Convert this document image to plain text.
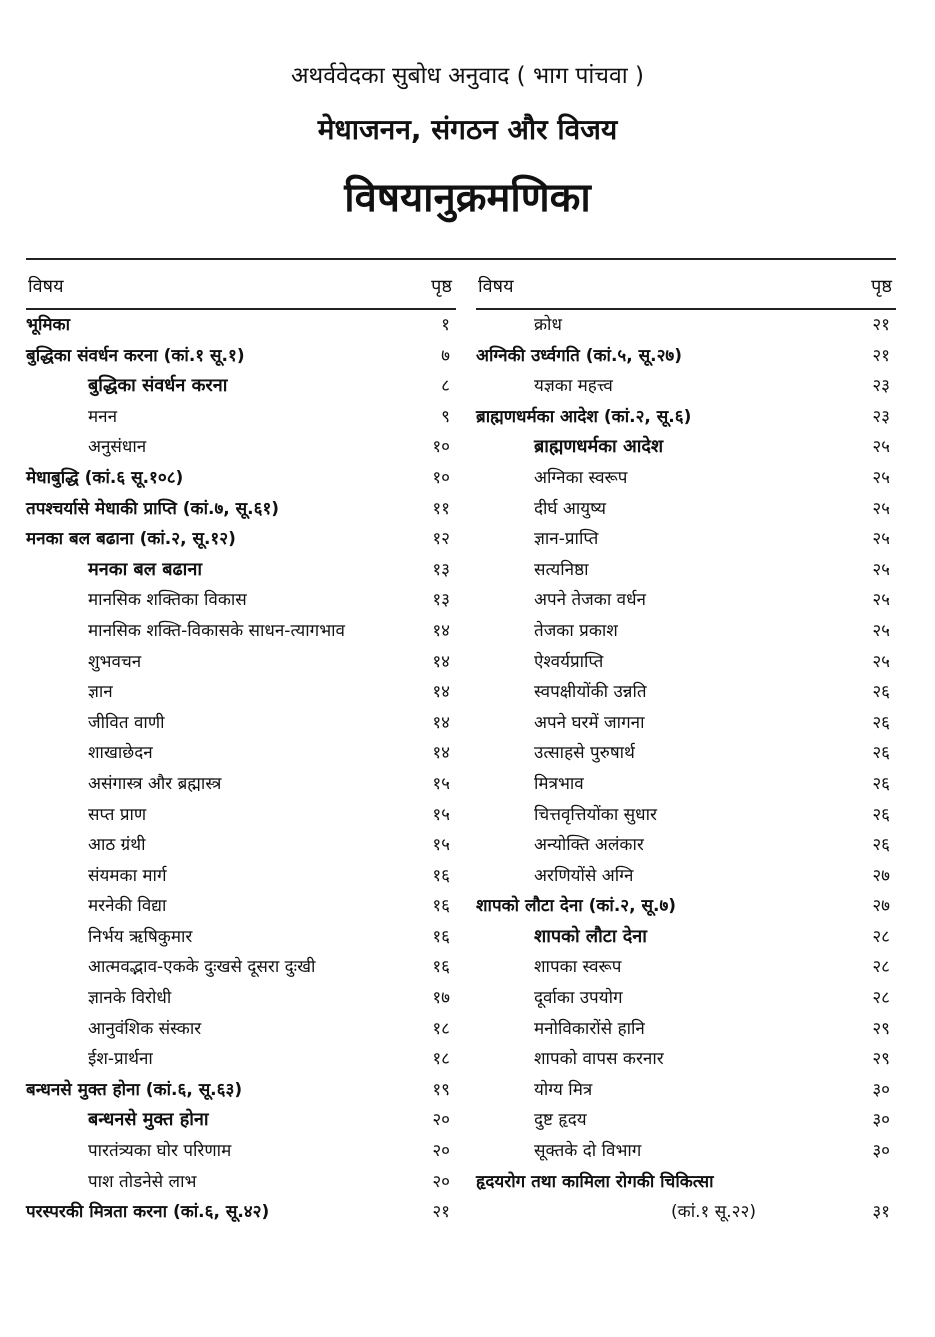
अथर्ववेदका सुबोध अनुवाद ( भाग पांचवा )
मेधाजनन, संगठन और विजय
विषयानुक्रमणिका
विषय	पृष्ठ
भूमिका	१
बुद्धिका संवर्धन करना (कां.१ सू.१)	७
बुद्धिका संवर्धन करना	८
मनन	९
अनुसंधान	१०
मेधाबुद्धि (कां.६ सू.१०८)	१०
तपश्चर्यासे मेधाकी प्राप्ति (कां.७, सू.६१)	११
मनका बल बढाना (कां.२, सू.१२)	१२
मनका बल बढाना	१३
मानसिक शक्तिका विकास	१३
मानसिक शक्ति-विकासके साधन-त्यागभाव	१४
शुभवचन	१४
ज्ञान	१४
जीवित वाणी	१४
शाखाछेदन	१४
असंगास्त्र और ब्रह्मास्त्र	१५
सप्त प्राण	१५
आठ ग्रंथी	१५
संयमका मार्ग	१६
मरनेकी विद्या	१६
निर्भय ऋषिकुमार	१६
आत्मवद्भाव-एकके दुःखसे दूसरा दुःखी	१६
ज्ञानके विरोधी	१७
आनुवंशिक संस्कार	१८
ईश-प्रार्थना	१८
बन्धनसे मुक्त होना (कां.६, सू.६३)	१९
बन्धनसे मुक्त होना	२०
पारतंत्र्यका घोर परिणाम	२०
पाश तोडनेसे लाभ	२०
परस्परकी मित्रता करना (कां.६, सू.४२)	२१
विषय	पृष्ठ
क्रोध	२१
अग्निकी उर्ध्वगति (कां.५, सू.२७)	२१
यज्ञका महत्त्व	२३
ब्राह्मणधर्मका आदेश (कां.२, सू.६)	२३
ब्राह्मणधर्मका आदेश	२५
अग्निका स्वरूप	२५
दीर्घ आयुष्य	२५
ज्ञान-प्राप्ति	२५
सत्यनिष्ठा	२५
अपने तेजका वर्धन	२५
तेजका प्रकाश	२५
ऐश्वर्यप्राप्ति	२५
स्वपक्षीयोंकी उन्नति	२६
अपने घरमें जागना	२६
उत्साहसे पुरुषार्थ	२६
मित्रभाव	२६
चित्तवृत्तियोंका सुधार	२६
अन्योक्ति अलंकार	२६
अरणियोंसे अग्नि	२७
शापको लौटा देना (कां.२, सू.७)	२७
शापको लौटा देना	२८
शापका स्वरूप	२८
दूर्वाका उपयोग	२८
मनोविकारोंसे हानि	२९
शापको वापस करनार	२९
योग्य मित्र	३०
दुष्ट हृदय	३०
सूक्तके दो विभाग	३०
हृदयरोग तथा कामिला रोगकी चिकित्सा
(कां.१ सू.२२)	३१
